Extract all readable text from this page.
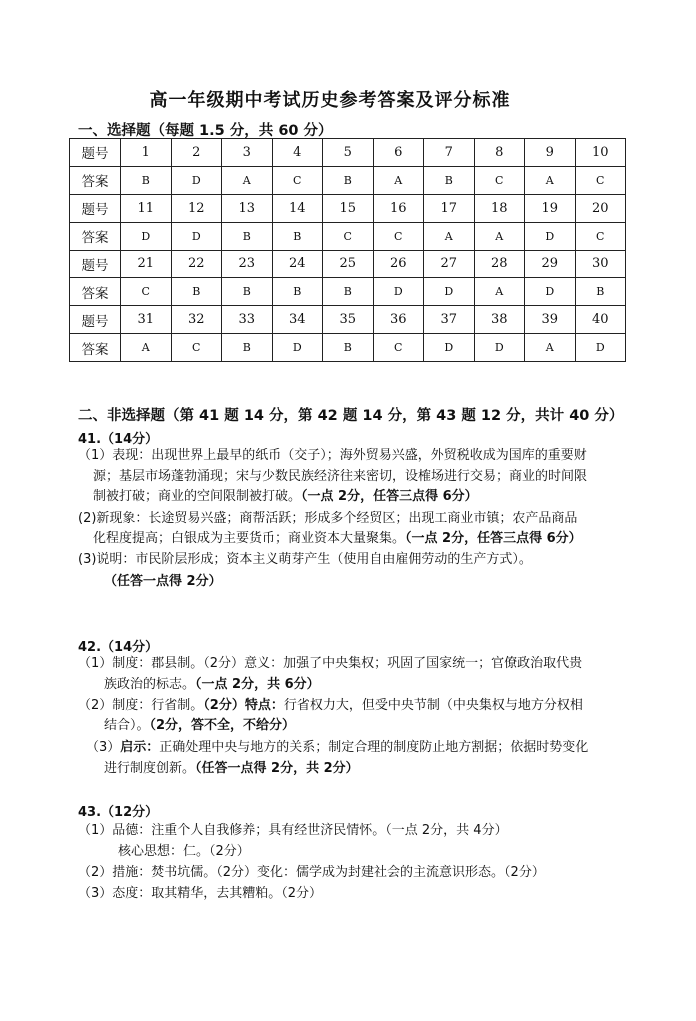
高一年级期中考试历史参考答案及评分标准
一、选择题（每题 1.5 分，共 60 分）
题号	1	2	3	4	5	6	7	8	9	10
答案	B	D	A	C	B	A	B	C	A	C
题号	11	12	13	14	15	16	17	18	19	20
答案	D	D	B	B	C	C	A	A	D	C
题号	21	22	23	24	25	26	27	28	29	30
答案	C	B	B	B	B	D	D	A	D	B
题号	31	32	33	34	35	36	37	38	39	40
答案	A	C	B	D	B	C	D	D	A	D
二、非选择题（第 41 题 14 分，第 42 题 14 分，第 43 题 12 分，共计 40 分）
41.（14分）
（1）表现：出现世界上最早的纸币（交子）；海外贸易兴盛，外贸税收成为国库的重要财
源；基层市场蓬勃涌现；宋与少数民族经济往来密切，设榷场进行交易；商业的时间限
制被打破；商业的空间限制被打破。（一点 2分，任答三点得 6分）
(2)新现象：长途贸易兴盛；商帮活跃；形成多个经贸区；出现工商业市镇；农产品商品
化程度提高；白银成为主要货币；商业资本大量聚集。（一点 2分，任答三点得 6分）
(3)说明：市民阶层形成；资本主义萌芽产生（使用自由雇佣劳动的生产方式）。
（任答一点得 2分）
42.（14分）
（1）制度：郡县制。（2分）意义：加强了中央集权；巩固了国家统一；官僚政治取代贵
族政治的标志。（一点 2分，共 6分）
（2）制度：行省制。（2分）特点：行省权力大，但受中央节制（中央集权与地方分权相
结合）。（2分，答不全，不给分）
（3）启示：正确处理中央与地方的关系；制定合理的制度防止地方割据；依据时势变化
进行制度创新。（任答一点得 2分，共 2分）
43.（12分）
（1）品德：注重个人自我修养；具有经世济民情怀。（一点 2分，共 4分）
核心思想：仁。（2分）
（2）措施：焚书坑儒。（2分）变化：儒学成为封建社会的主流意识形态。（2分）
（3）态度：取其精华，去其糟粕。（2分）
